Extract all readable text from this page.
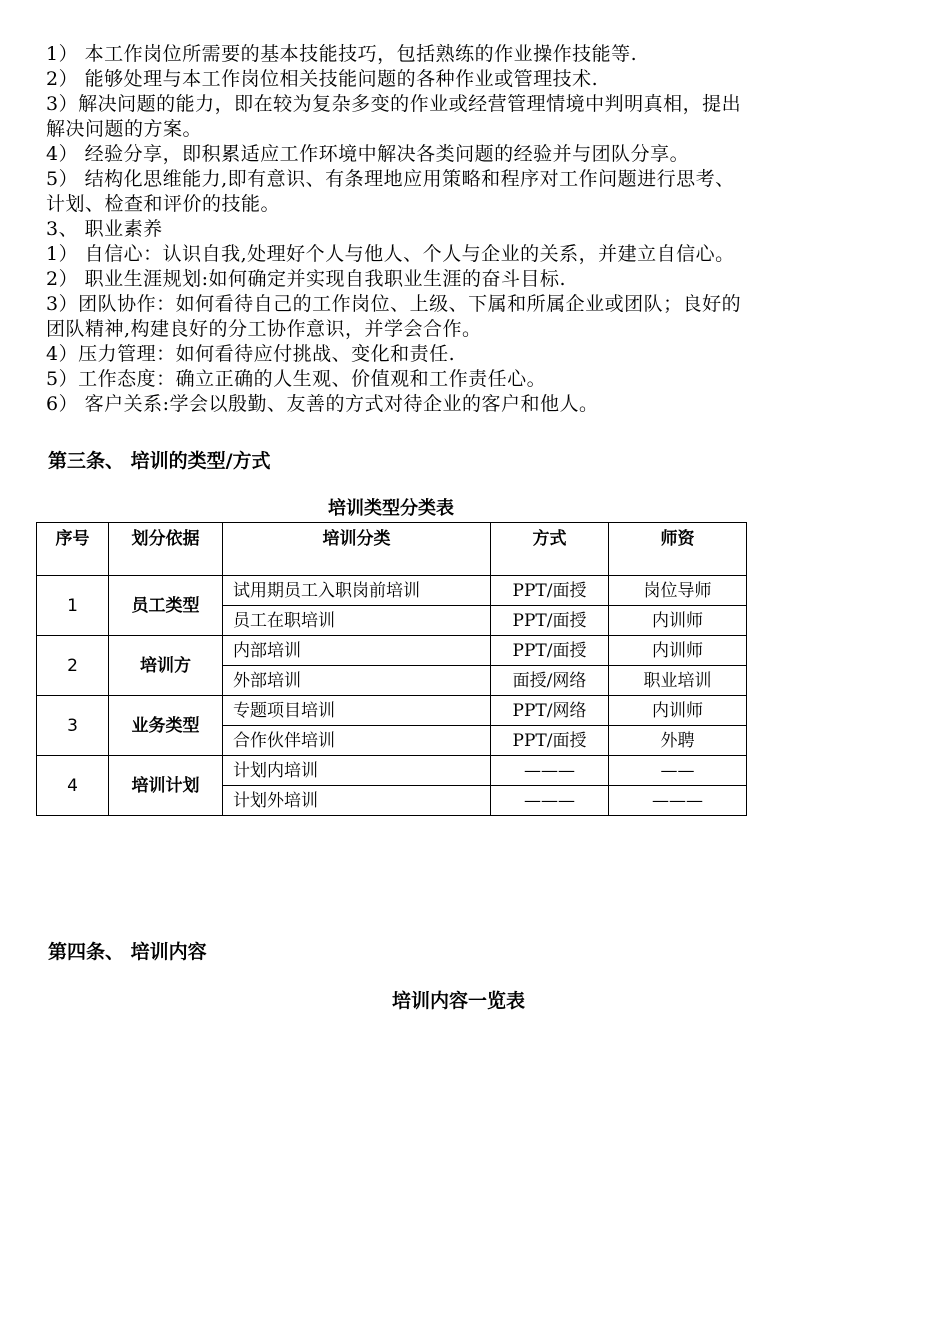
1） 本工作岗位所需要的基本技能技巧，包括熟练的作业操作技能等.
2） 能够处理与本工作岗位相关技能问题的各种作业或管理技术.
3）解决问题的能力，即在较为复杂多变的作业或经营管理情境中判明真相，提出
解决问题的方案。
4） 经验分享，即积累适应工作环境中解决各类问题的经验并与团队分享。
5） 结构化思维能力,即有意识、有条理地应用策略和程序对工作问题进行思考、
计划、检查和评价的技能。
3、 职业素养
1） 自信心：认识自我,处理好个人与他人、个人与企业的关系，并建立自信心。
2） 职业生涯规划:如何确定并实现自我职业生涯的奋斗目标.
3）团队协作：如何看待自己的工作岗位、上级、下属和所属企业或团队；良好的
团队精神,构建良好的分工协作意识，并学会合作。
4）压力管理：如何看待应付挑战、变化和责任.
5）工作态度：确立正确的人生观、价值观和工作责任心。
6） 客户关系:学会以殷勤、友善的方式对待企业的客户和他人。
第三条、 培训的类型/方式
培训类型分类表
序号	划分依据	培训分类	方式	师资
1	员工类型	试用期员工入职岗前培训	PPT/面授	岗位导师
		员工在职培训	PPT/面授	内训师
2	培训方	内部培训	PPT/面授	内训师
		外部培训	面授/网络	职业培训
3	业务类型	专题项目培训	PPT/网络	内训师
		合作伙伴培训	PPT/面授	外聘
4	培训计划	计划内培训	———	——
		计划外培训	———	———
第四条、 培训内容
培训内容一览表
